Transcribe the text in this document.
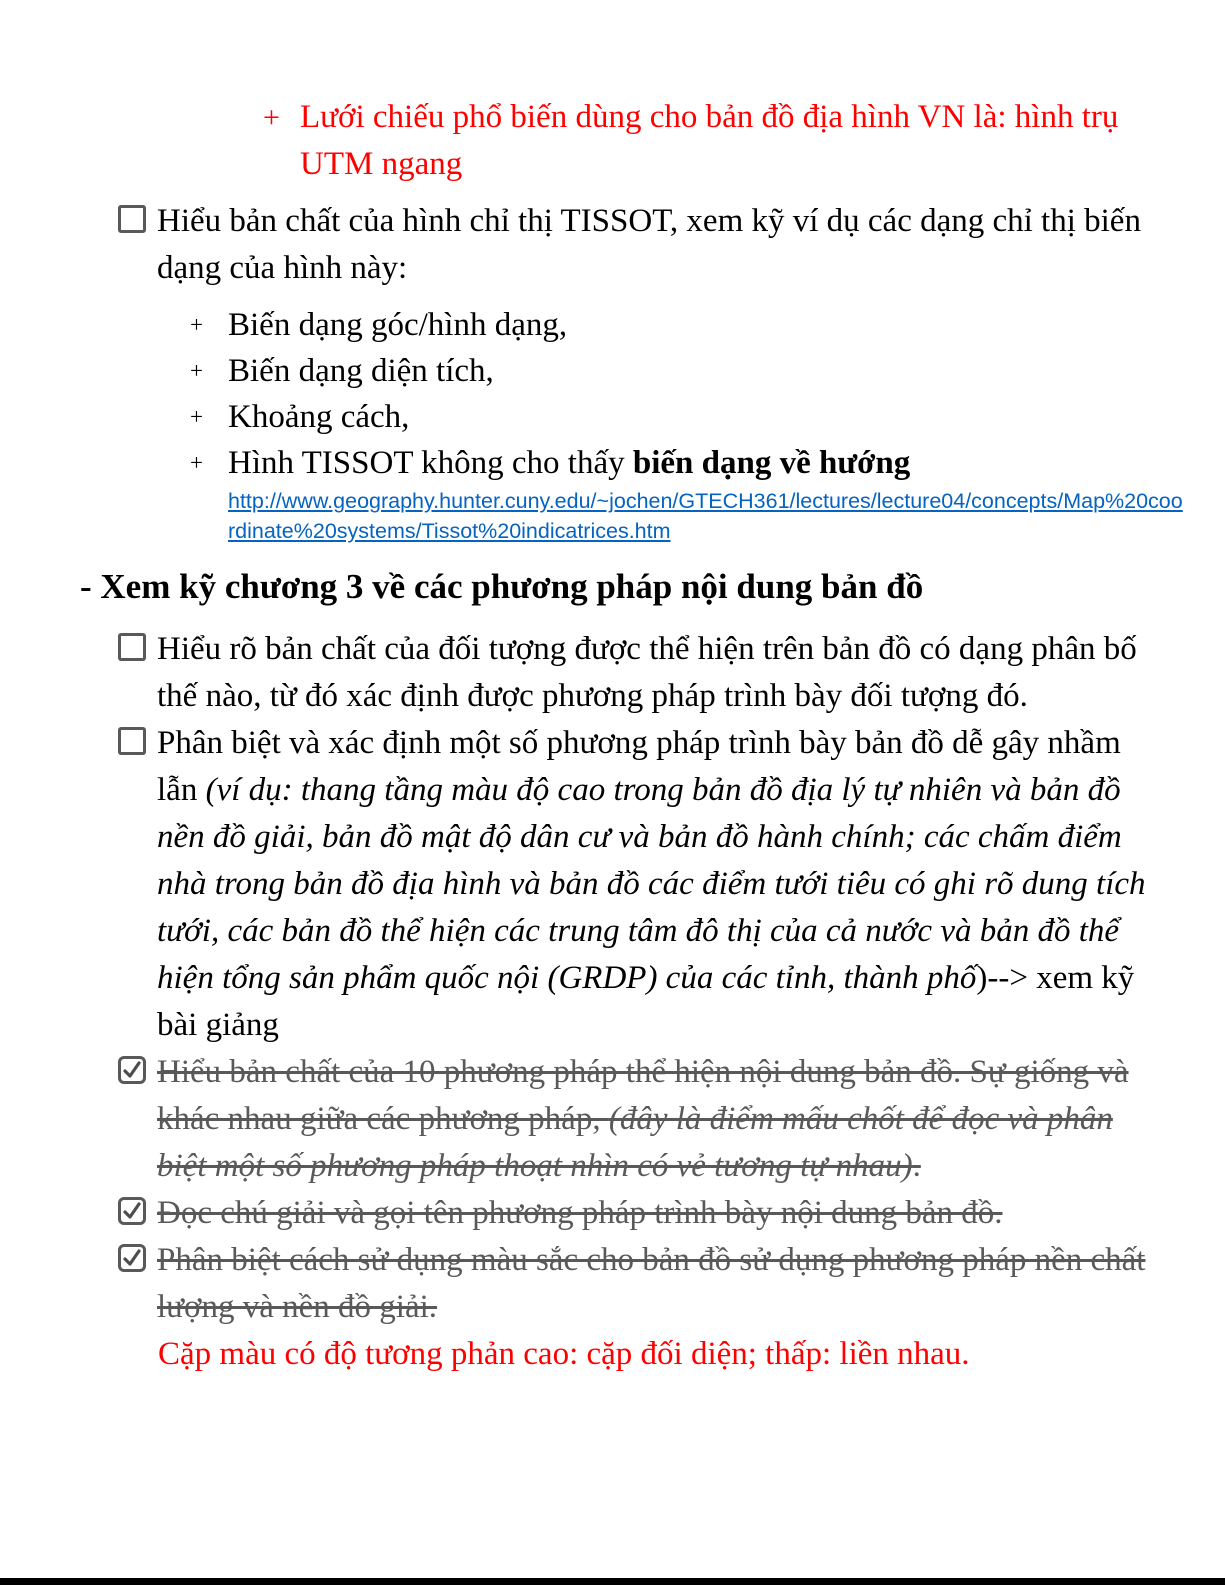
+ Lưới chiếu phổ biến dùng cho bản đồ địa hình VN là: hình trụ UTM ngang
Hiểu bản chất của hình chỉ thị TISSOT, xem kỹ ví dụ các dạng chỉ thị biến dạng của hình này:
+ Biến dạng góc/hình dạng,
+ Biến dạng diện tích,
+ Khoảng cách,
+ Hình TISSOT không cho thấy biến dạng về hướng
http://www.geography.hunter.cuny.edu/~jochen/GTECH361/lectures/lecture04/concepts/Map%20coordinate%20systems/Tissot%20indicatrices.htm
- Xem kỹ chương 3 về các phương pháp nội dung bản đồ
Hiểu rõ bản chất của đối tượng được thể hiện trên bản đồ có dạng phân bố thế nào, từ đó xác định được phương pháp trình bày đối tượng đó.
Phân biệt và xác định một số phương pháp trình bày bản đồ dễ gây nhầm lẫn (ví dụ: thang tầng màu độ cao trong bản đồ địa lý tự nhiên và bản đồ nền đồ giải, bản đồ mật độ dân cư và bản đồ hành chính; các chấm điểm nhà trong bản đồ địa hình và bản đồ các điểm tưới tiêu có ghi rõ dung tích tưới, các bản đồ thể hiện các trung tâm đô thị của cả nước và bản đồ thể hiện tổng sản phẩm quốc nội (GRDP) của các tỉnh, thành phố)--> xem kỹ bài giảng
Hiểu bản chất của 10 phương pháp thể hiện nội dung bản đồ. Sự giống và khác nhau giữa các phương pháp, (đây là điểm mấu chốt để đọc và phân biệt một số phương pháp thoạt nhìn có vẻ tương tự nhau).
Đọc chú giải và gọi tên phương pháp trình bày nội dung bản đồ.
Phân biệt cách sử dụng màu sắc cho bản đồ sử dụng phương pháp nền chất lượng và nền đồ giải.
Cặp màu có độ tương phản cao: cặp đối diện; thấp: liền nhau.
